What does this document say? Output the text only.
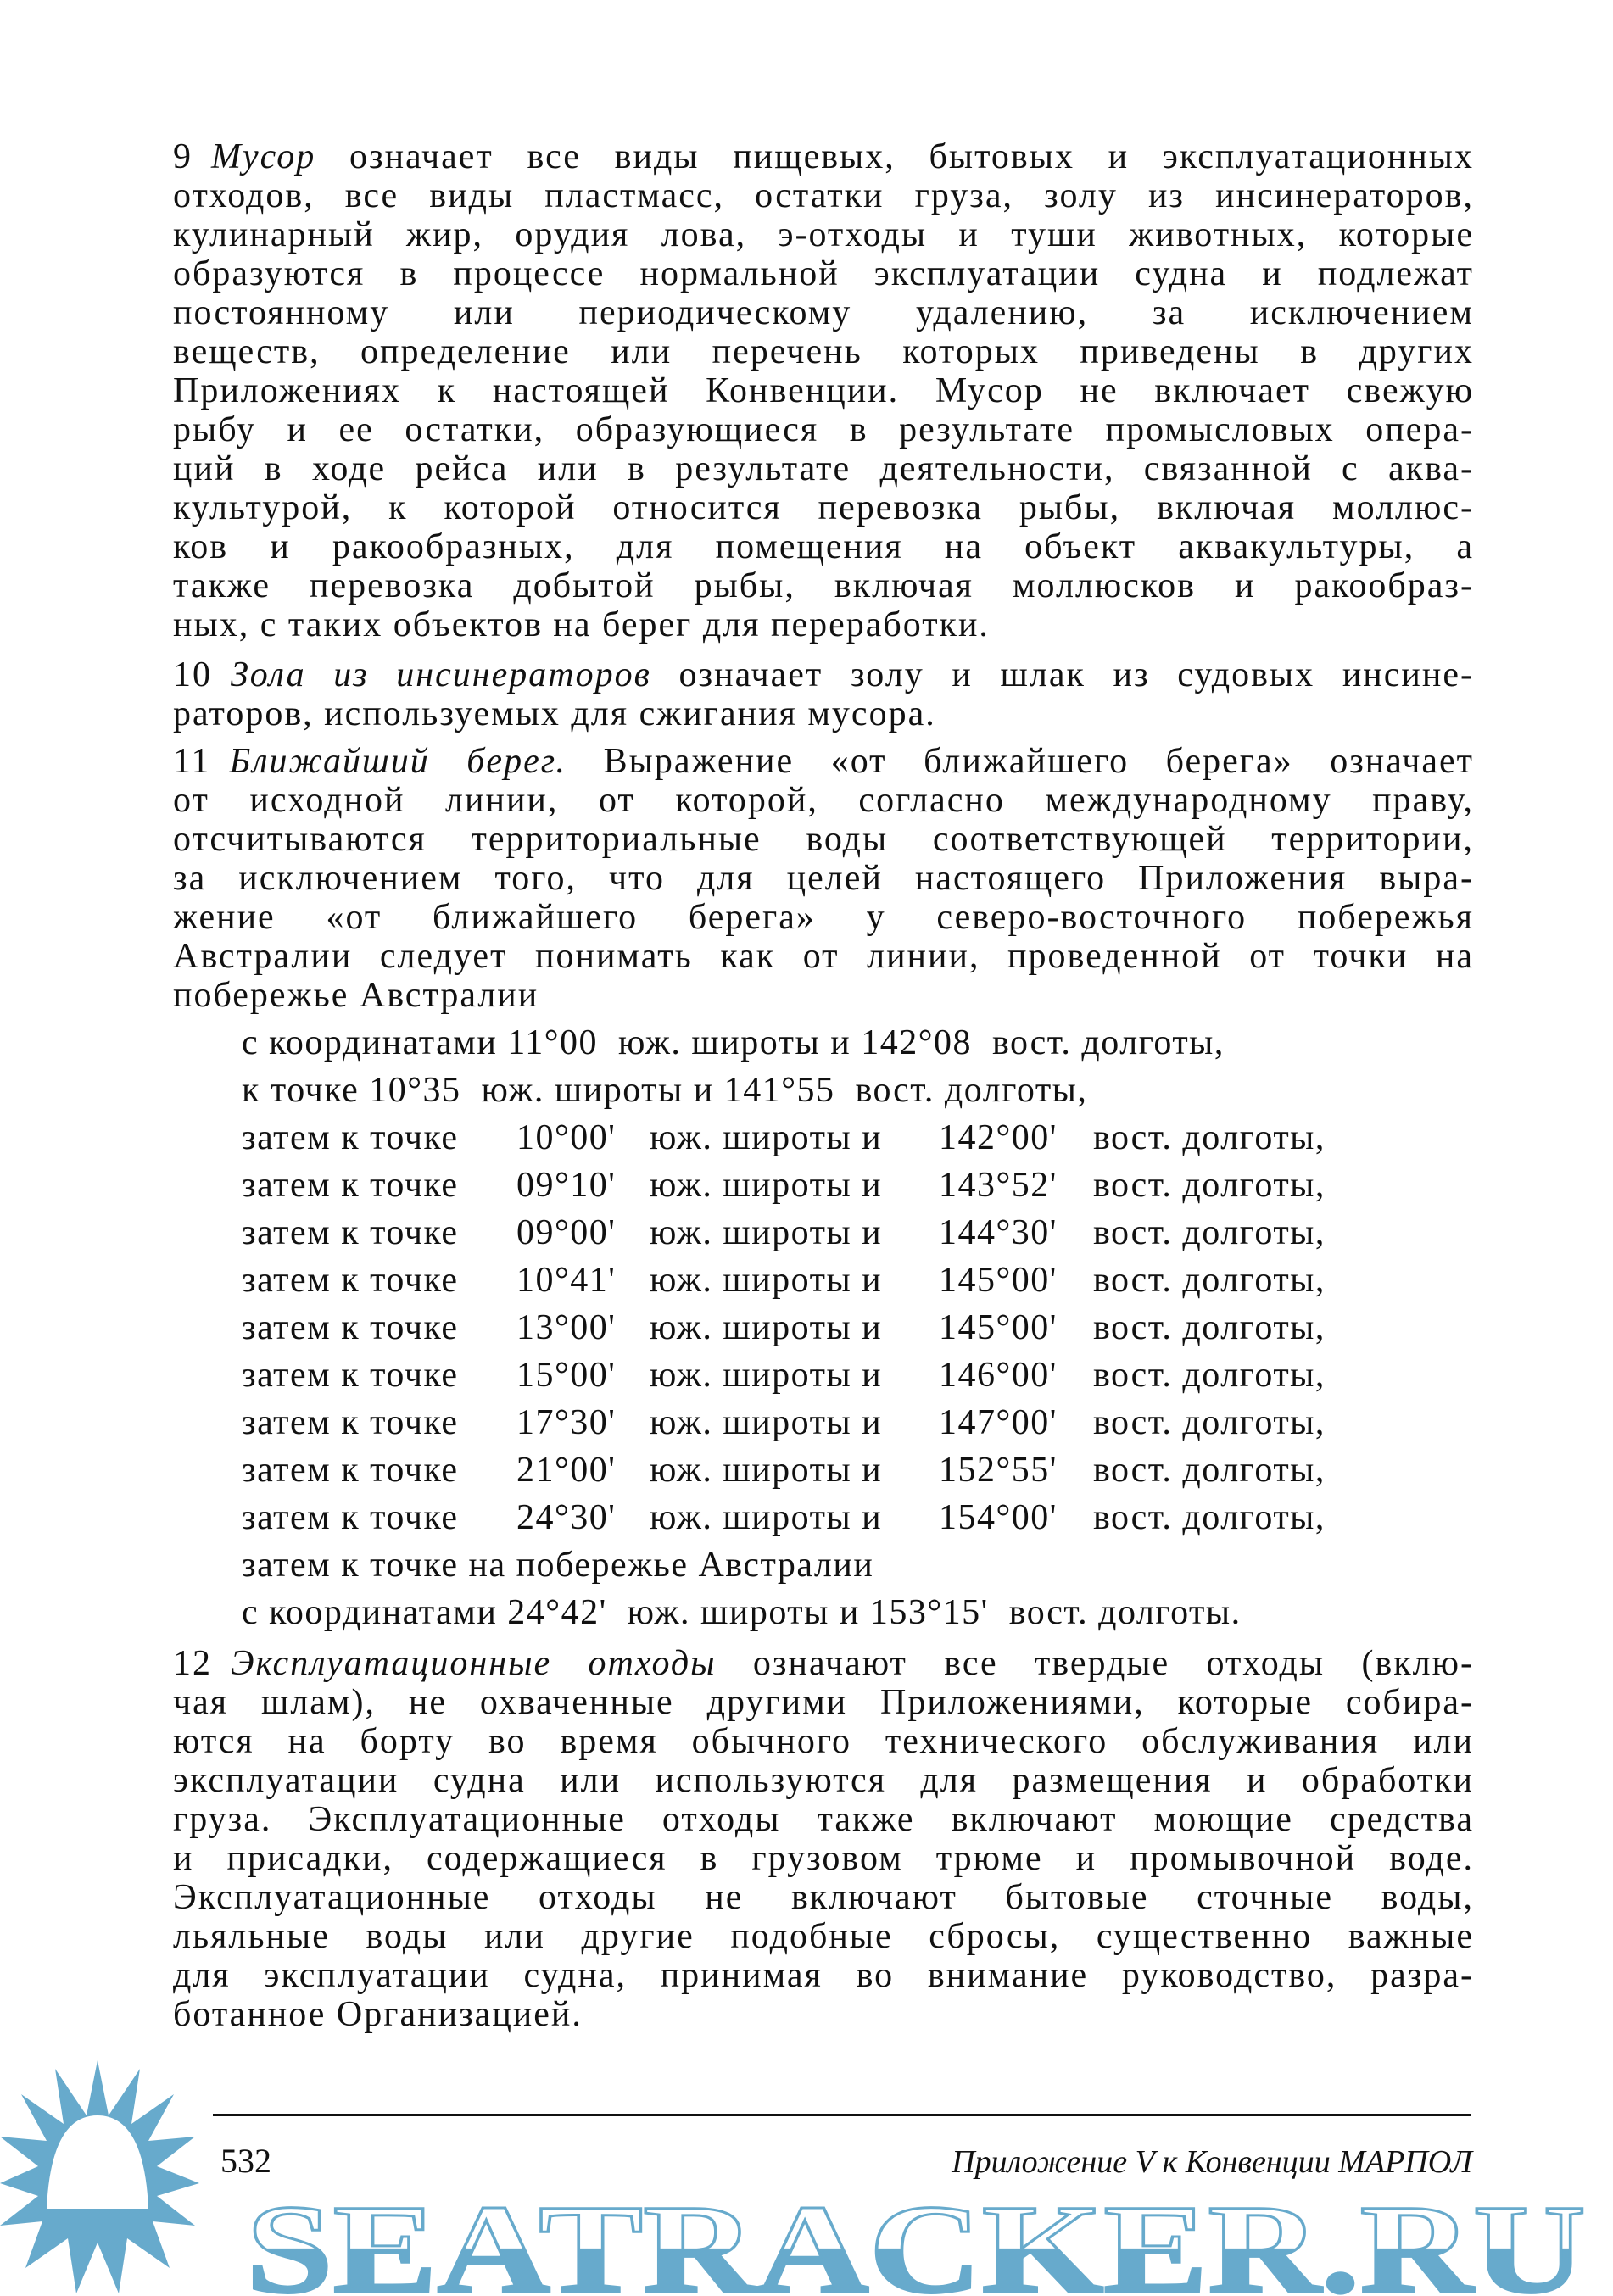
9 Мусор означает все виды пищевых, бытовых и эксплуатационных
отходов, все виды пластмасс, остатки груза, золу из инсинераторов,
кулинарный жир, орудия лова, э-отходы и туши животных, которые
образуются в процессе нормальной эксплуатации судна и подлежат
постоянному или периодическому удалению, за исключением
веществ, определение или перечень которых приведены в других
Приложениях к настоящей Конвенции. Мусор не включает свежую
рыбу и ее остатки, образующиеся в результате промысловых опера-
ций в ходе рейса или в результате деятельности, связанной с аква-
культурой, к которой относится перевозка рыбы, включая моллюс-
ков и ракообразных, для помещения на объект аквакультуры, а
также перевозка добытой рыбы, включая моллюсков и ракообраз-
ных, с таких объектов на берег для переработки.
10 Зола из инсинераторов означает золу и шлак из судовых инсине-
раторов, используемых для сжигания мусора.
11 Ближайший берег. Выражение «от ближайшего берега» означает
от исходной линии, от которой, согласно международному праву,
отсчитываются территориальные воды соответствующей территории,
за исключением того, что для целей настоящего Приложения выра-
жение «от ближайшего берега» у северо-восточного побережья
Австралии следует понимать как от линии, проведенной от точки на
побережье Австралии
с координатами 11°00  юж. широты и 142°08  вост. долготы,
к точке 10°35  юж. широты и 141°55  вост. долготы,
затем к точке 10°00' юж. широты и 142°00' вост. долготы,
затем к точке 09°10' юж. широты и 143°52' вост. долготы,
затем к точке 09°00' юж. широты и 144°30' вост. долготы,
затем к точке 10°41' юж. широты и 145°00' вост. долготы,
затем к точке 13°00' юж. широты и 145°00' вост. долготы,
затем к точке 15°00' юж. широты и 146°00' вост. долготы,
затем к точке 17°30' юж. широты и 147°00' вост. долготы,
затем к точке 21°00' юж. широты и 152°55' вост. долготы,
затем к точке 24°30' юж. широты и 154°00' вост. долготы,
затем к точке на побережье Австралии
с координатами 24°42'  юж. широты и 153°15'  вост. долготы.
12 Эксплуатационные отходы означают все твердые отходы (вклю-
чая шлам), не охваченные другими Приложениями, которые собира-
ются на борту во время обычного технического обслуживания или
эксплуатации судна или используются для размещения и обработки
груза. Эксплуатационные отходы также включают моющие средства
и присадки, содержащиеся в грузовом трюме и промывочной воде.
Эксплуатационные отходы не включают бытовые сточные воды,
льяльные воды или другие подобные сбросы, существенно важные
для эксплуатации судна, принимая во внимание руководство, разра-
ботанное Организацией.
SEATRACKER.RU
532	Приложение V к Конвенции МАРПОЛ
